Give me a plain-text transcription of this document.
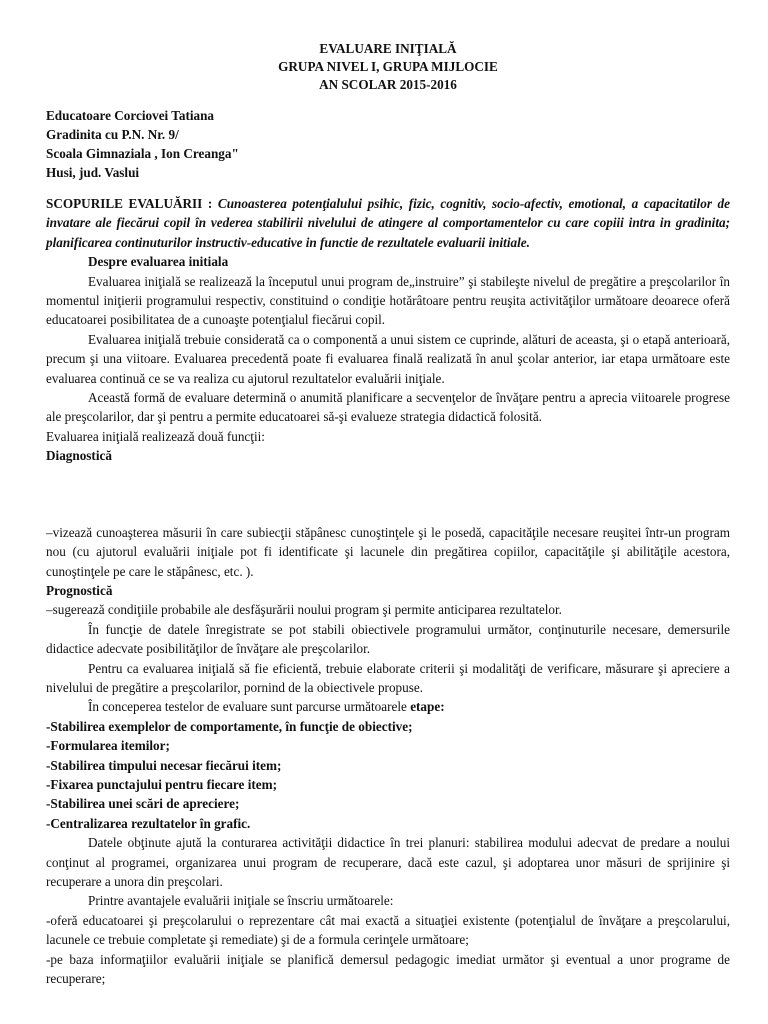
EVALUARE INIŢIALĂ
GRUPA NIVEL I, GRUPA MIJLOCIE
AN SCOLAR 2015-2016
Educatoare Corciovei Tatiana
Gradinita cu P.N. Nr. 9/
Scoala Gimnaziala , Ion Creanga"
Husi, jud. Vaslui

SCOPURILE EVALUĂRII : Cunoasterea potenţialului psihic, fizic, cognitiv, socio-afectiv, emotional, a capacitatilor de invatare ale fiecărui copil în vederea stabilirii nivelului de atingere al comportamentelor cu care copiii intra in gradinita; planificarea continuturilor instructiv-educative in functie de rezultatele evaluarii initiale.

Despre evaluarea initiala

Evaluarea iniţială se realizează la începutul unui program de„instruire” şi stabileşte nivelul de pregătire a preşcolarilor în momentul iniţierii programului respectiv, constituind o condiţie hotărâtoare pentru reuşita activităţilor următoare deoarece oferă educatoarei posibilitatea de a cunoaşte potenţialul fiecărui copil.

Evaluarea iniţială trebuie considerată ca o componentă a unui sistem ce cuprinde, alături de aceasta, şi o etapă anterioară, precum şi una viitoare. Evaluarea precedentă poate fi evaluarea finală realizată în anul şcolar anterior, iar etapa următoare este evaluarea continuă ce se va realiza cu ajutorul rezultatelor evaluării iniţiale.

Această formă de evaluare determină o anumită planificare a secvenţelor de învăţare pentru a aprecia viitoarele progrese ale preşcolarilor, dar şi pentru a permite educatoarei să-şi evalueze strategia didactică folosită.

Evaluarea iniţială realizează două funcţii:

Diagnostică

–vizează cunoaşterea măsurii în care subiecţii stăpânesc cunoştinţele şi le posedă, capacităţile necesare reuşitei într-un program nou (cu ajutorul evaluării iniţiale pot fi identificate şi lacunele din pregătirea copiilor, capacităţile şi abilităţile acestora, cunoştinţele pe care le stăpânesc, etc. ).

Prognostică

–sugerează condiţiile probabile ale desfăşurării noului program şi permite anticiparea rezultatelor.

În funcţie de datele înregistrate se pot stabili obiectivele programului următor, conţinuturile necesare, demersurile didactice adecvate posibilităţilor de învăţare ale preşcolarilor.

Pentru ca evaluarea iniţială să fie eficientă, trebuie elaborate criterii şi modalităţi de verificare, măsurare şi apreciere a nivelului de pregătire a preşcolarilor, pornind de la obiectivele propuse.

În conceperea testelor de evaluare sunt parcurse următoarele etape:

-Stabilirea exemplelor de comportamente, în funcţie de obiective;

-Formularea itemilor;

-Stabilirea timpului necesar fiecărui item;

-Fixarea punctajului pentru fiecare item;

-Stabilirea unei scări de apreciere;

-Centralizarea rezultatelor în grafic.

Datele obţinute ajută la conturarea activităţii didactice în trei planuri: stabilirea modului adecvat de predare a noului conţinut al programei, organizarea unui program de recuperare, dacă este cazul, şi adoptarea unor măsuri de sprijinire şi recuperare a unora din preşcolari.

Printre avantajele evaluării iniţiale se înscriu următoarele:

-oferă educatoarei şi preşcolarului o reprezentare cât mai exactă a situaţiei existente (potenţialul de învăţare a preşcolarului, lacunele ce trebuie completate şi remediate) şi de a formula cerinţele următoare;

-pe baza informaţiilor evaluării iniţiale se planifică demersul pedagogic imediat următor şi eventual a unor programe de recuperare;
